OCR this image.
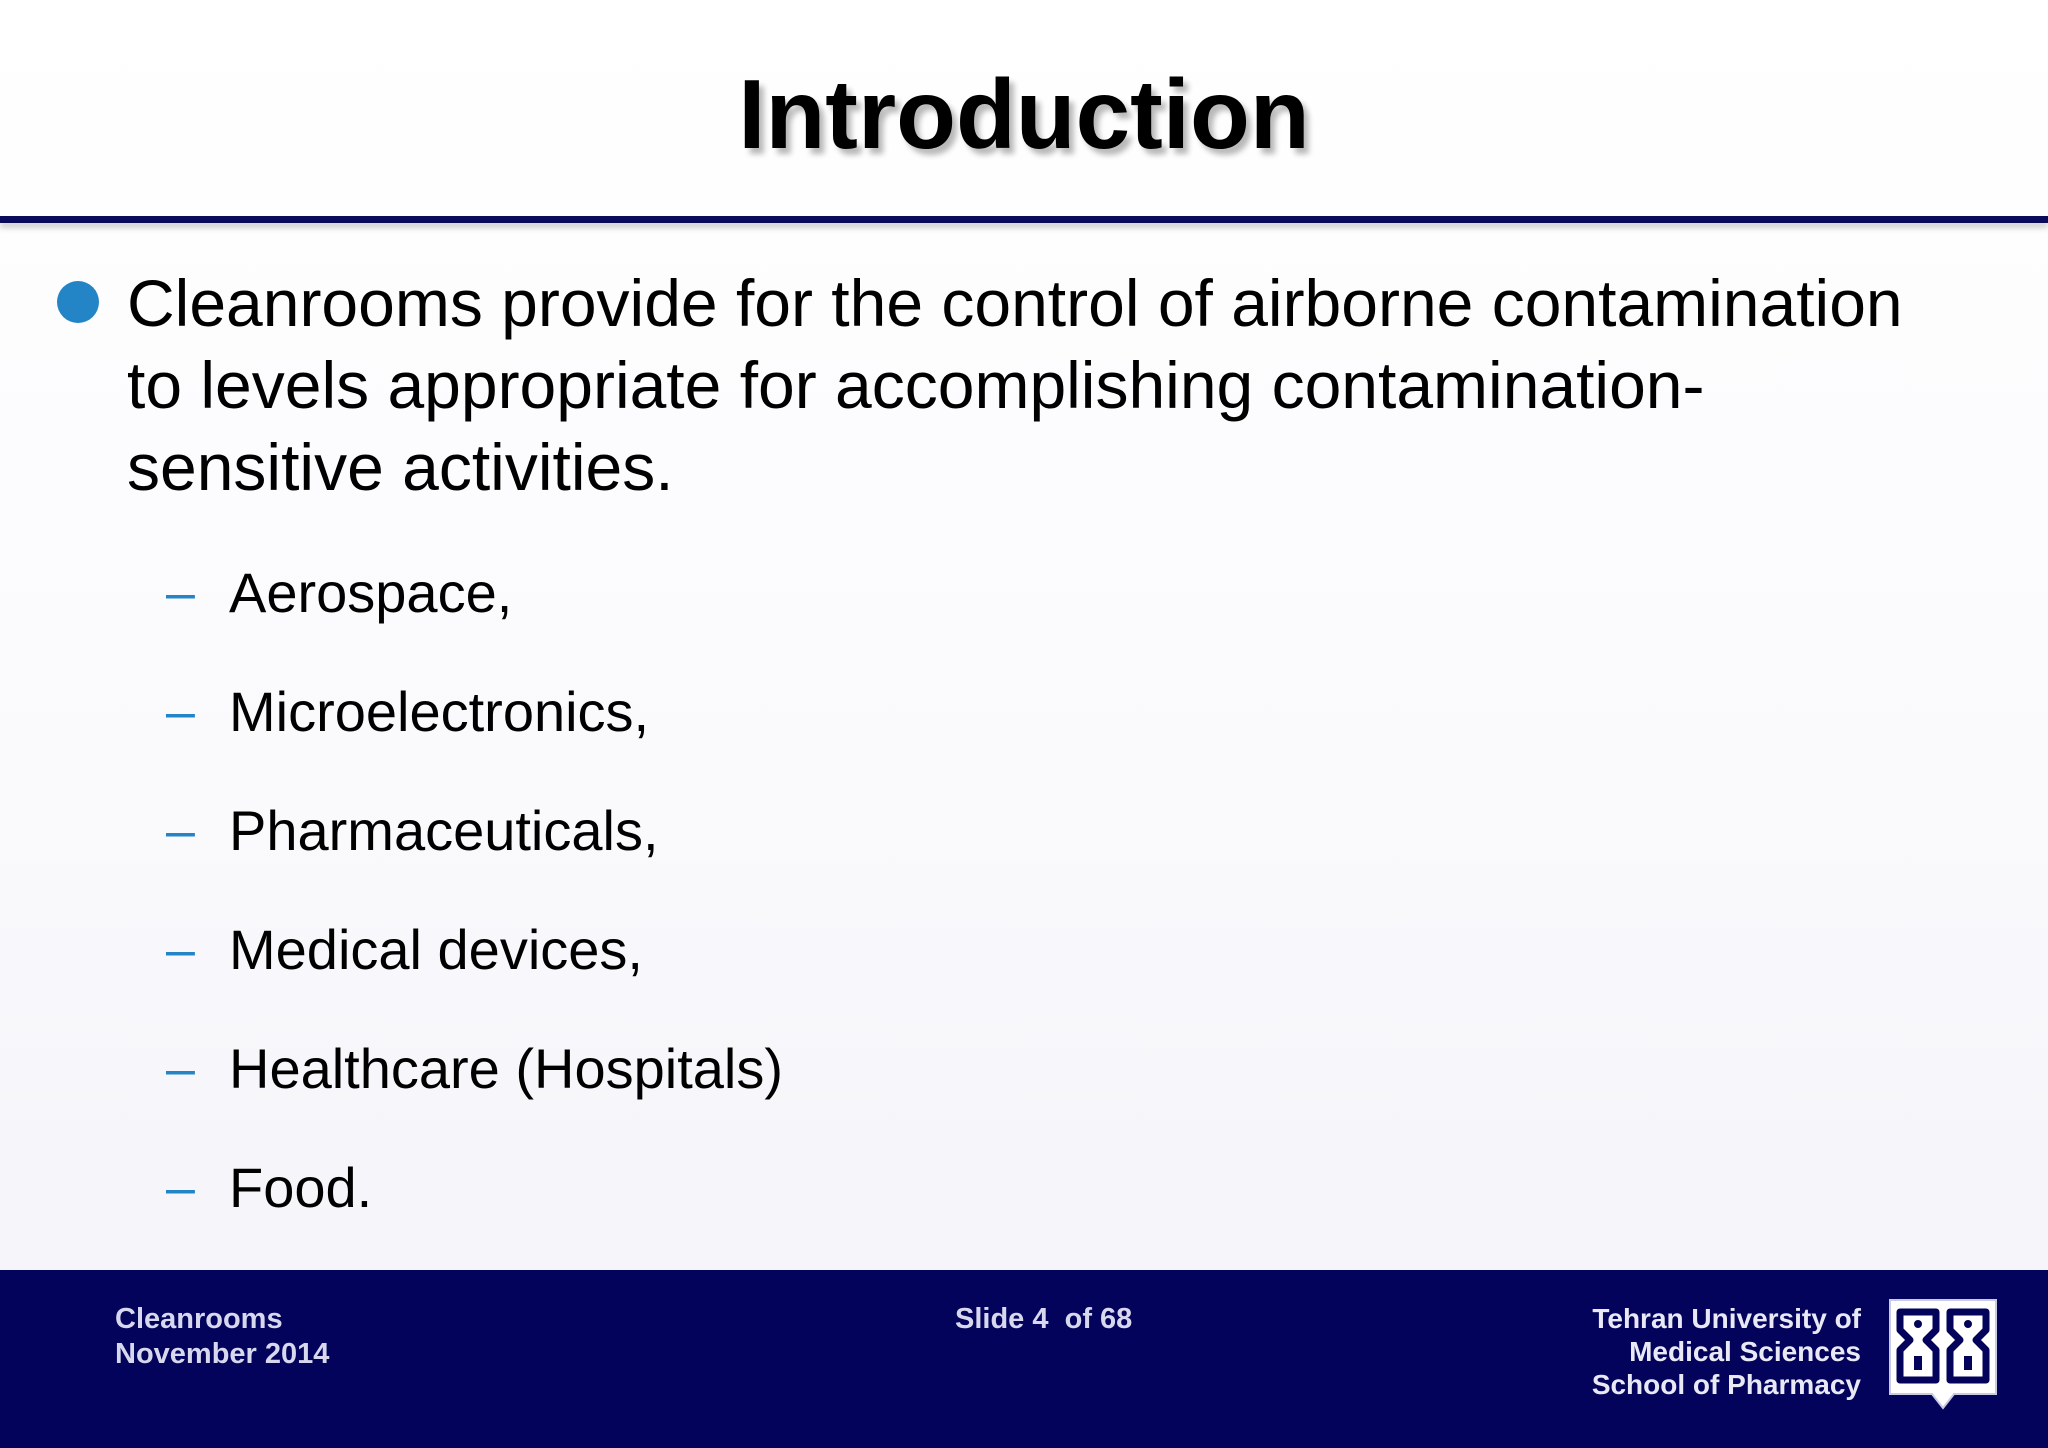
Introduction
Cleanrooms provide for the control of airborne contamination
to levels appropriate for accomplishing contamination-
sensitive activities.
– Aerospace,
– Microelectronics,
– Pharmaceuticals,
– Medical devices,
– Healthcare (Hospitals)
– Food.
Cleanrooms
November 2014
Slide 4  of 68	Tehran University of
Medical Sciences
School of Pharmacy
